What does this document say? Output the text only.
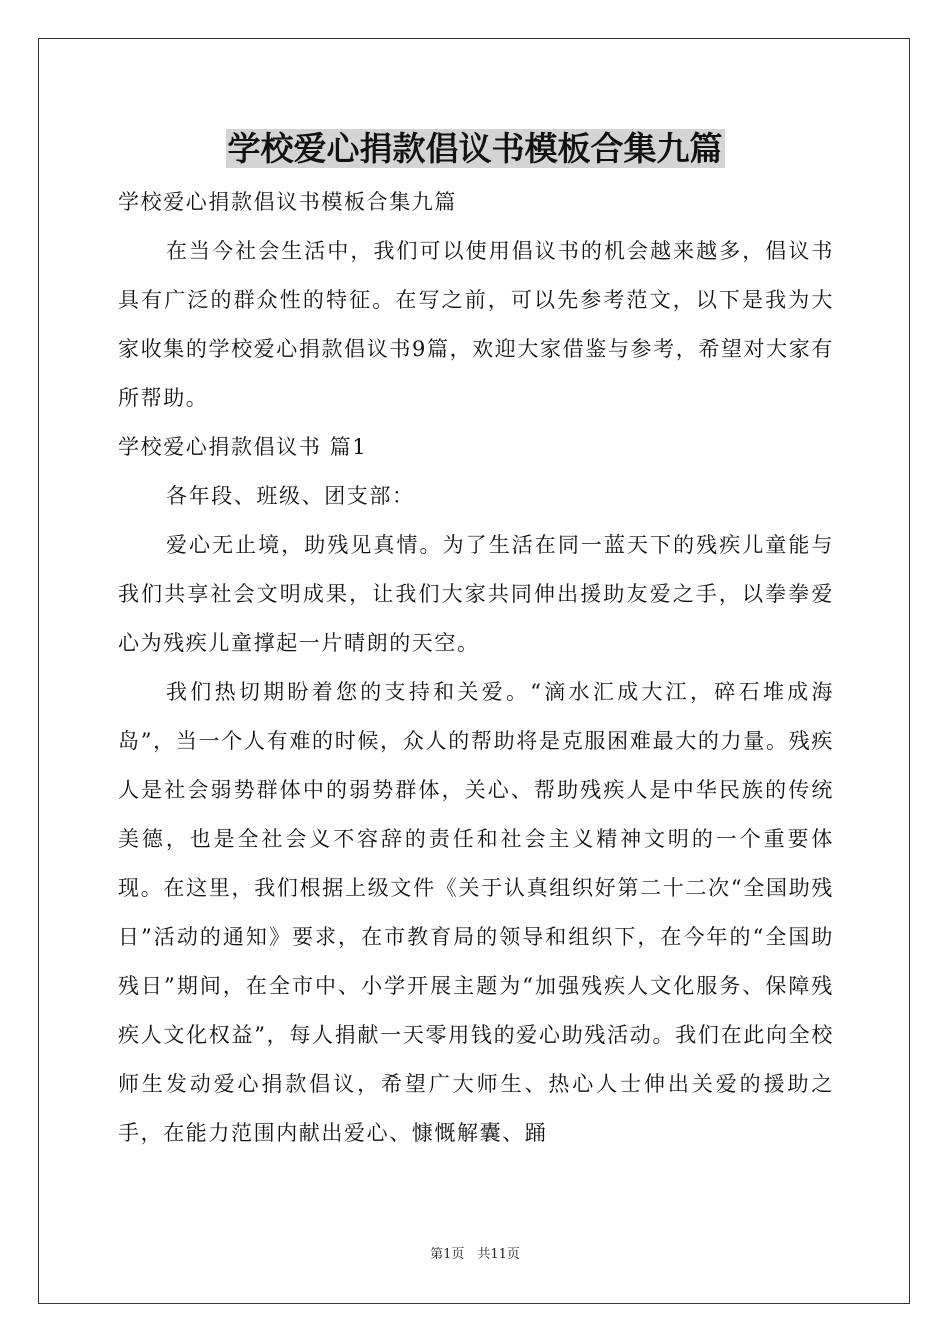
学校爱心捐款倡议书模板合集九篇

学校爱心捐款倡议书模板合集九篇

在当今社会生活中，我们可以使用倡议书的机会越来越多，倡议书具有广泛的群众性的特征。在写之前，可以先参考范文，以下是我为大家收集的学校爱心捐款倡议书9篇，欢迎大家借鉴与参考，希望对大家有所帮助。

学校爱心捐款倡议书 篇1

各年段、班级、团支部：

爱心无止境，助残见真情。为了生活在同一蓝天下的残疾儿童能与我们共享社会文明成果，让我们大家共同伸出援助友爱之手，以拳拳爱心为残疾儿童撑起一片晴朗的天空。

我们热切期盼着您的支持和关爱。“滴水汇成大江，碎石堆成海岛”，当一个人有难的时候，众人的帮助将是克服困难最大的力量。残疾人是社会弱势群体中的弱势群体，关心、帮助残疾人是中华民族的传统美德，也是全社会义不容辞的责任和社会主义精神文明的一个重要体现。在这里，我们根据上级文件《关于认真组织好第二十二次“全国助残日”活动的通知》要求，在市教育局的领导和组织下，在今年的“全国助残日”期间，在全市中、小学开展主题为“加强残疾人文化服务、保障残疾人文化权益”，每人捐献一天零用钱的爱心助残活动。我们在此向全校师生发动爱心捐款倡议，希望广大师生、热心人士伸出关爱的援助之手，在能力范围内献出爱心、慷慨解囊、踊

第1页　共11页
